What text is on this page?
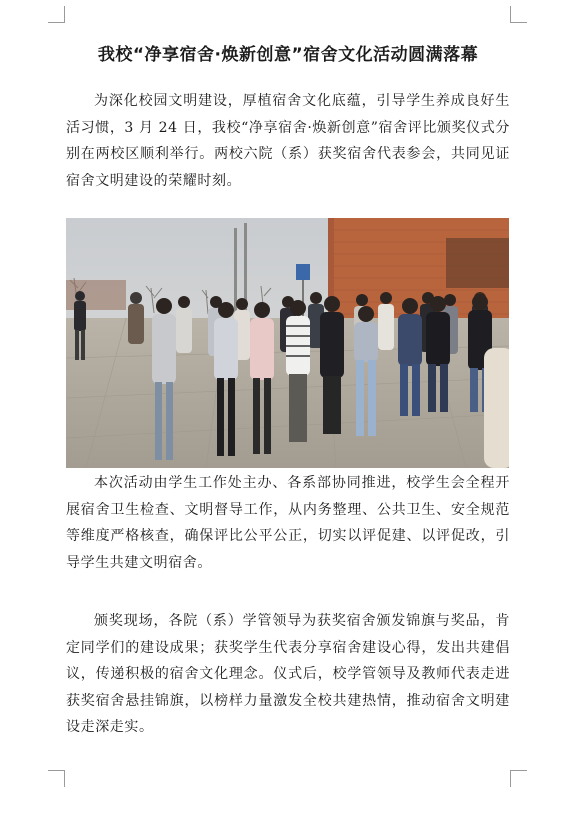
我校“净享宿舍·焕新创意”宿舍文化活动圆满落幕

为深化校园文明建设，厚植宿舍文化底蕴，引导学生养成良好生活习惯，3 月 24 日，我校“净享宿舍·焕新创意”宿舍评比颁奖仪式分别在两校区顺利举行。两校六院（系）获奖宿舍代表参会，共同见证宿舍文明建设的荣耀时刻。

本次活动由学生工作处主办、各系部协同推进，校学生会全程开展宿舍卫生检查、文明督导工作，从内务整理、公共卫生、安全规范等维度严格核查，确保评比公平公正，切实以评促建、以评促改，引导学生共建文明宿舍。

颁奖现场，各院（系）学管领导为获奖宿舍颁发锦旗与奖品，肯定同学们的建设成果；获奖学生代表分享宿舍建设心得，发出共建倡议，传递积极的宿舍文化理念。仪式后，校学管领导及教师代表走进获奖宿舍悬挂锦旗，以榜样力量激发全校共建热情，推动宿舍文明建设走深走实。
